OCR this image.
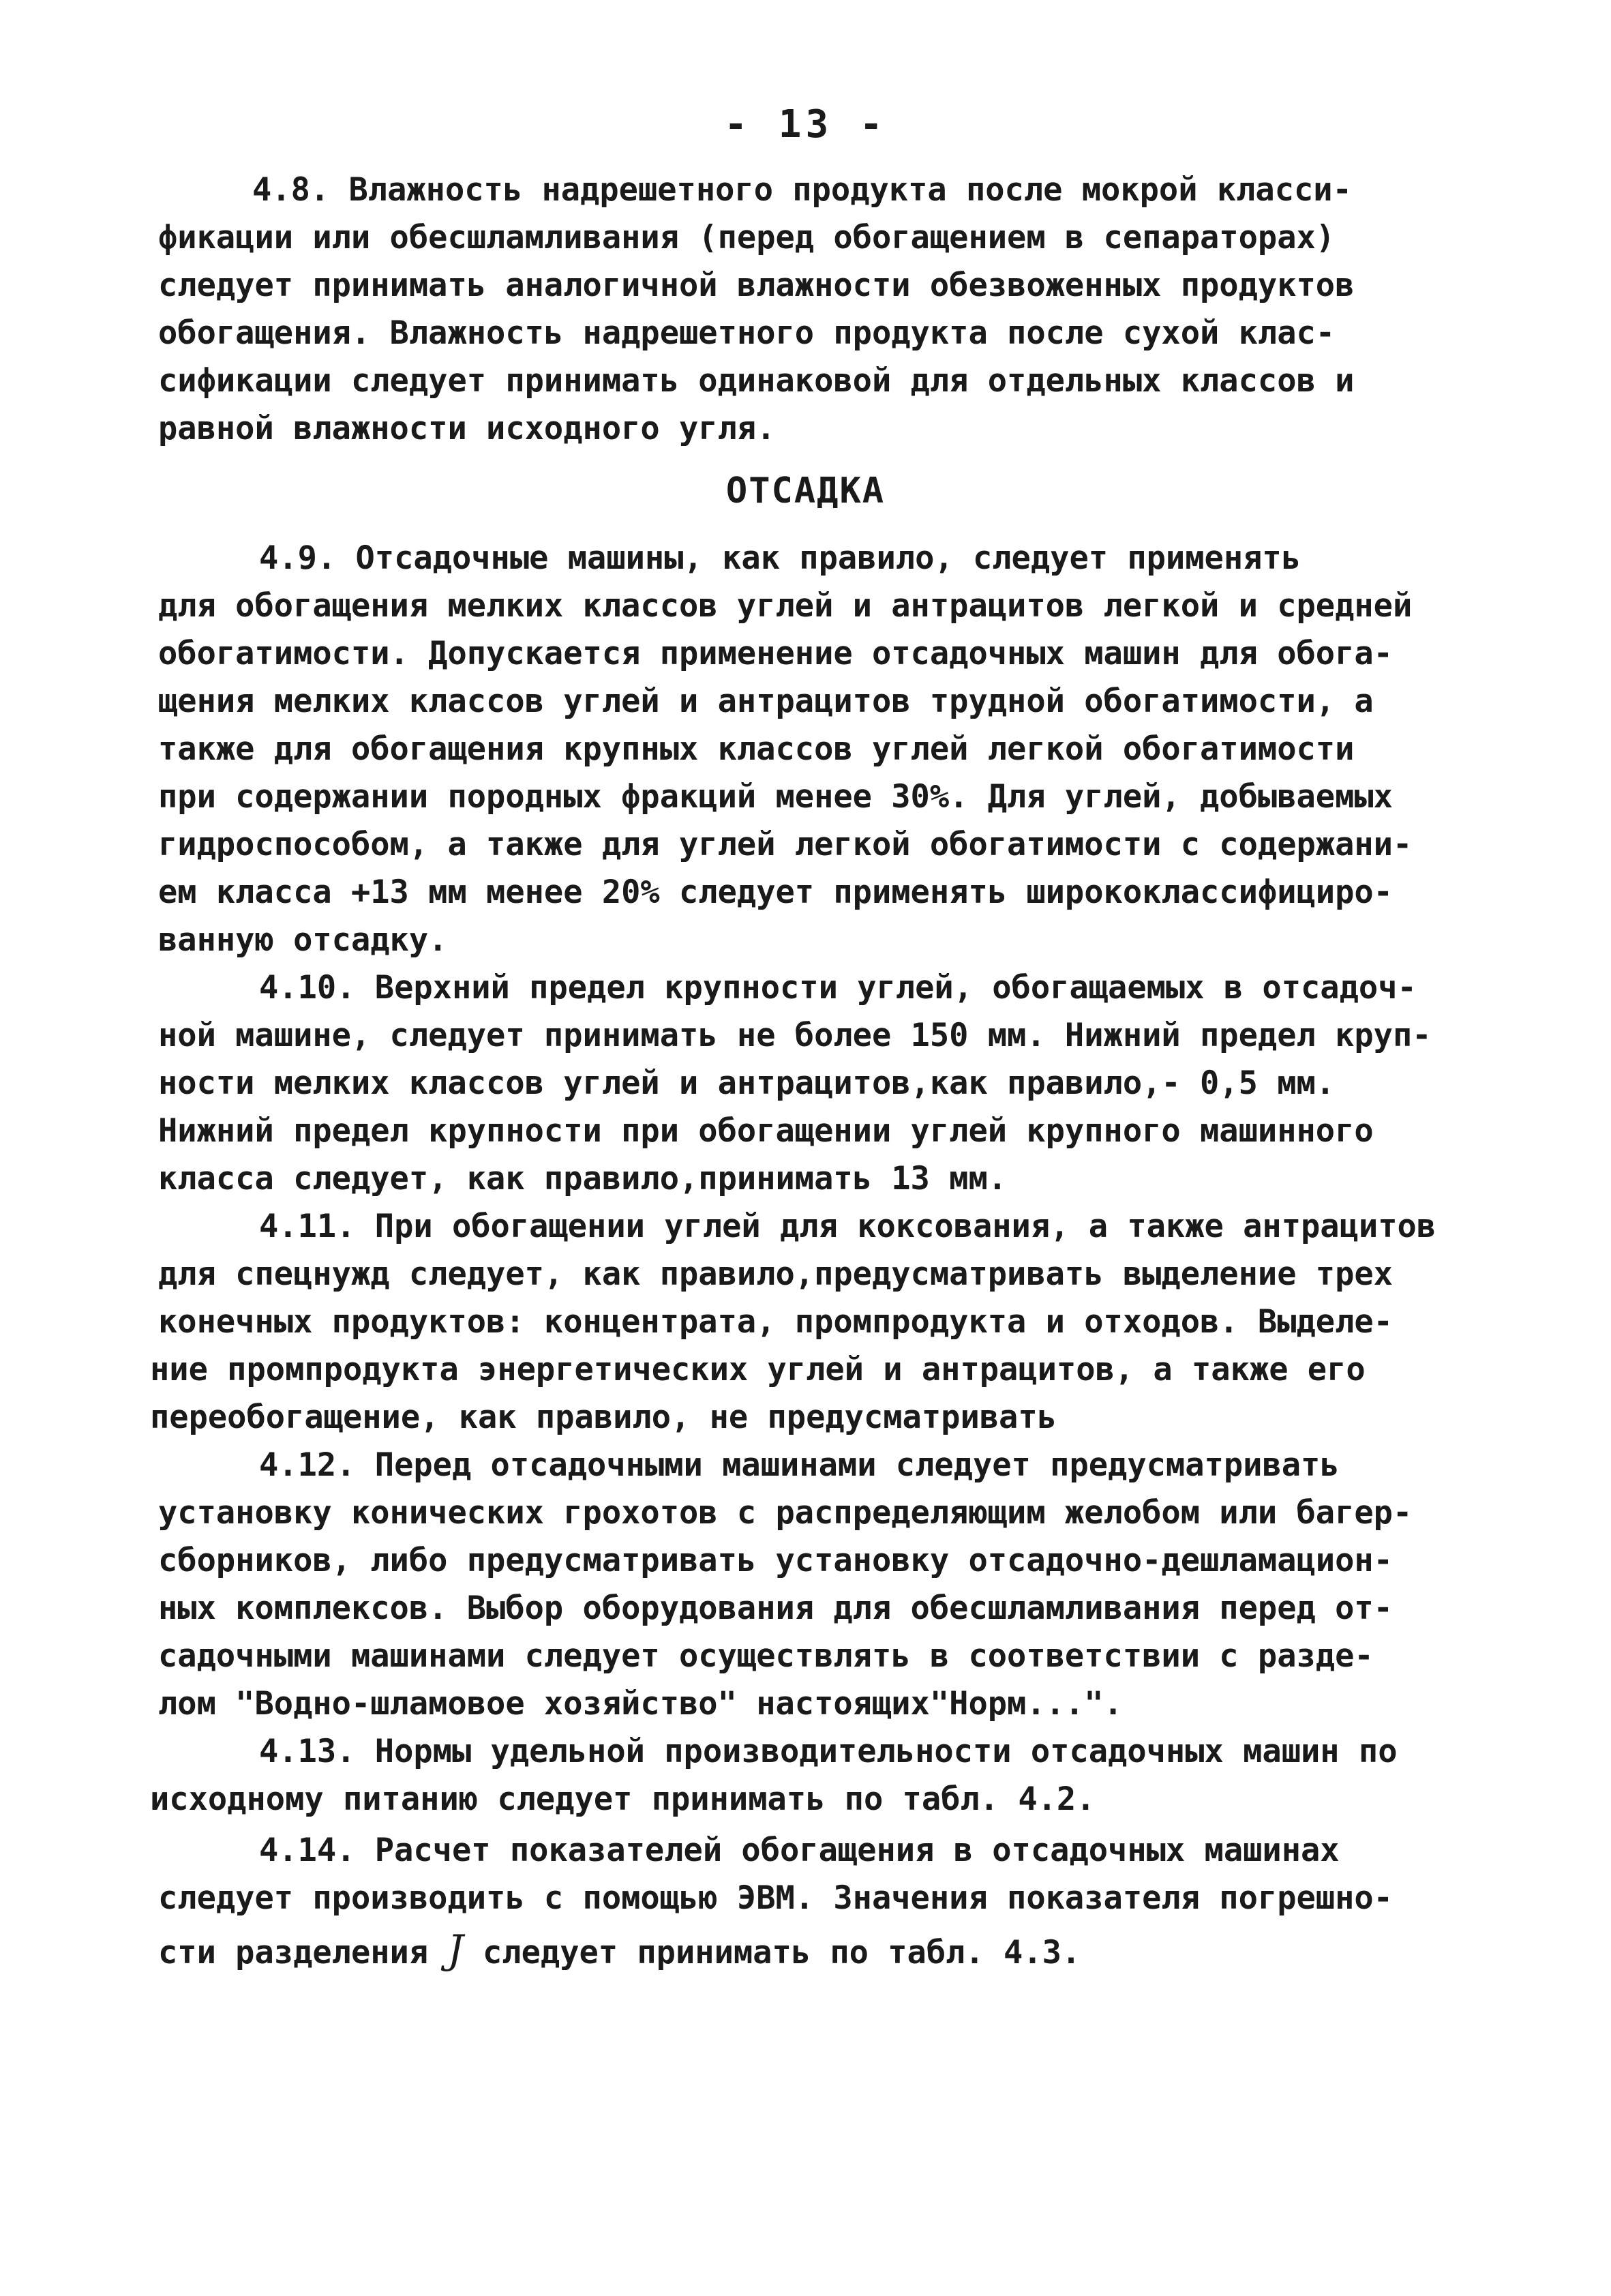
- 13 -
4.8. Влажность надрешетного продукта после мокрой класси-
фикации или обесшламливания (перед обогащением в сепараторах)
следует принимать аналогичной влажности обезвоженных продуктов
обогащения. Влажность надрешетного продукта после сухой клас-
сификации следует принимать одинаковой для отдельных классов и
равной влажности исходного угля.
ОТСАДКА
4.9. Отсадочные машины, как правило, следует применять
для обогащения мелких классов углей и антрацитов легкой и средней
обогатимости. Допускается применение отсадочных машин для обога-
щения мелких классов углей и антрацитов трудной обогатимости, а
также для обогащения крупных классов углей легкой обогатимости
при содержании породных фракций менее 30%. Для углей, добываемых
гидроспособом, а также для углей легкой обогатимости с содержани-
ем класса +13 мм менее 20% следует применять ширококлассифициро-
ванную отсадку.
4.10. Верхний предел крупности углей, обогащаемых в отсадоч-
ной машине, следует принимать не более 150 мм. Нижний предел круп-
ности мелких классов углей и антрацитов,как правило,- 0,5 мм.
Нижний предел крупности при обогащении углей крупного машинного
класса следует, как правило,принимать 13 мм.
4.11. При обогащении углей для коксования, а также антрацитов
для спецнужд следует, как правило,предусматривать выделение трех
конечных продуктов: концентрата, промпродукта и отходов. Выделе-
ние промпродукта энергетических углей и антрацитов, а также его
переобогащение, как правило, не предусматривать
4.12. Перед отсадочными машинами следует предусматривать
установку конических грохотов с распределяющим желобом или багер-
сборников, либо предусматривать установку отсадочно-дешламацион-
ных комплексов. Выбор оборудования для обесшламливания перед от-
садочными машинами следует осуществлять в соответствии с разде-
лом "Водно-шламовое хозяйство" настоящих"Норм...".
4.13. Нормы удельной производительности отсадочных машин по
исходному питанию следует принимать по табл. 4.2.
4.14. Расчет показателей обогащения в отсадочных машинах
следует производить с помощью ЭВМ. Значения показателя погрешно-
сти разделения J следует принимать по табл. 4.3.
